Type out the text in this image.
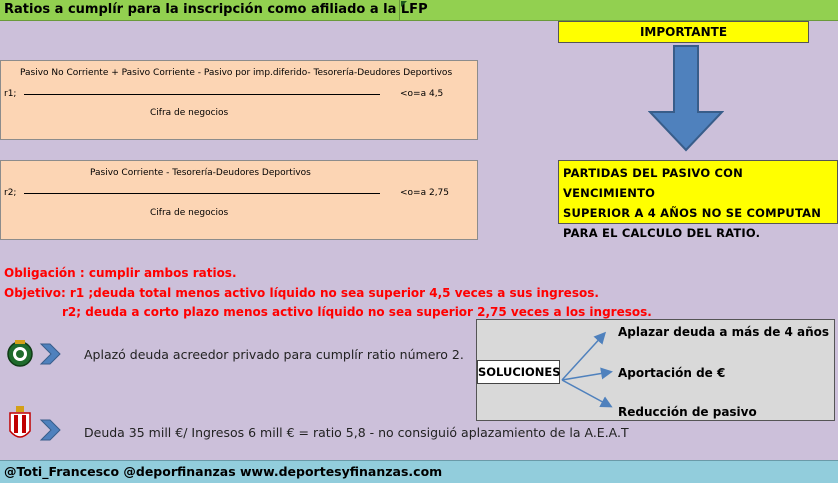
Ratios a cumplír para la inscripción como afiliado a la LFP
Pasivo No Corriente + Pasivo Corriente - Pasivo por imp.diferido- Tesorería-Deudores Deportivos
r1;	<o=a 4,5
Cifra de negocios
Pasivo Corriente - Tesorería-Deudores Deportivos
r2;	<o=a 2,75
Cifra de negocios
IMPORTANTE
PARTIDAS DEL PASIVO CON VENCIMIENTO
SUPERIOR A 4 AÑOS NO SE COMPUTAN
PARA EL CALCULO DEL RATIO.
Obligación : cumplir ambos ratios.
Objetivo: r1 ;deuda total menos activo líquido no sea superior 4,5 veces a sus ingresos.
r2; deuda a corto plazo menos activo líquido no sea superior 2,75 veces a los ingresos.
Aplazó deuda acreedor privado para cumplír ratio número 2.
Deuda 35 mill €/ Ingresos 6 mill € = ratio 5,8 - no consiguió aplazamiento de la A.E.A.T
SOLUCIONES
Aplazar deuda a más de 4 años
Aportación de €
Reducción de pasivo
@Toti_Francesco @deporfinanzas www.deportesyfinanzas.com
